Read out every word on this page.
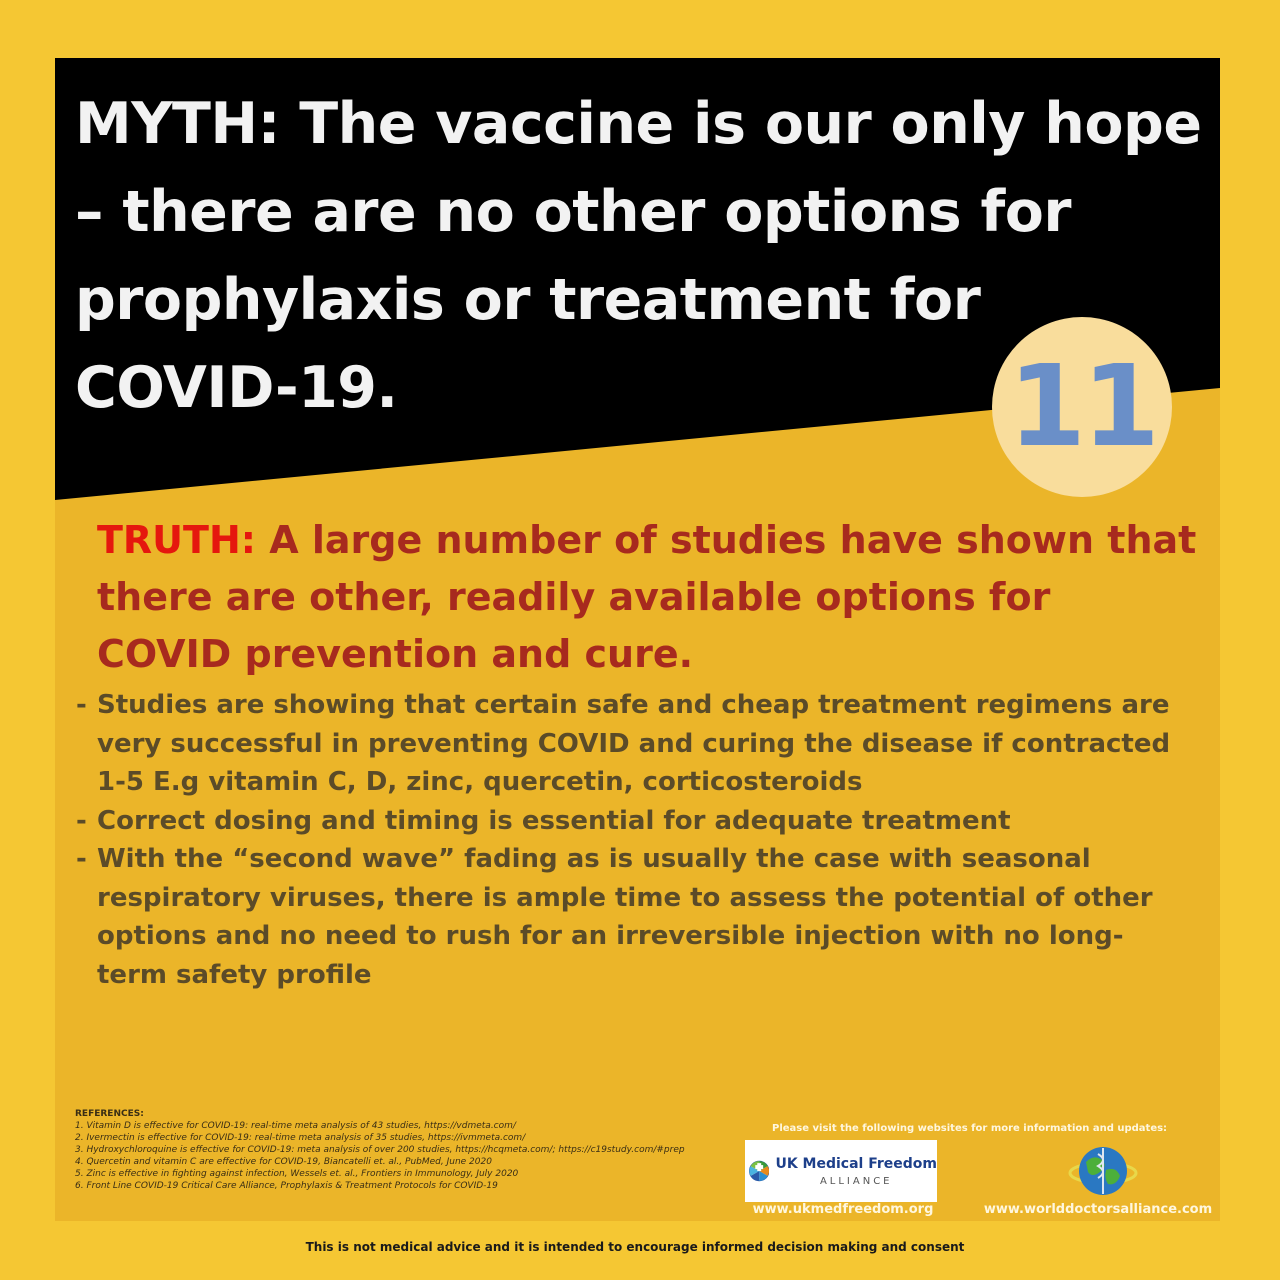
MYTH: The vaccine is our only hope – there are no other options for prophylaxis or treatment for COVID-19.	11
TRUTH: A large number of studies have shown that there are other, readily available options for COVID prevention and cure.
- Studies are showing that certain safe and cheap treatment regimens are very successful in preventing COVID and curing the disease if contracted 1-5 E.g vitamin C, D, zinc, quercetin, corticosteroids
- Correct dosing and timing is essential for adequate treatment
- With the “second wave” fading as is usually the case with seasonal respiratory viruses, there is ample time to assess the potential of other options and no need to rush for an irreversible injection with no long-term safety profile
REFERENCES:
1. Vitamin D is effective for COVID-19: real-time meta analysis of 43 studies, https://vdmeta.com/
2. Ivermectin is effective for COVID-19: real-time meta analysis of 35 studies, https://ivmmeta.com/
3. Hydroxychloroquine is effective for COVID-19: meta analysis of over 200 studies, https://hcqmeta.com/; https://c19study.com/#prep
4. Quercetin and vitamin C are effective for COVID-19, Biancatelli et. al., PubMed, June 2020
5. Zinc is effective in fighting against infection, Wessels et. al., Frontiers in Immunology, July 2020
6. Front Line COVID-19 Critical Care Alliance, Prophylaxis & Treatment Protocols for COVID-19
Please visit the following websites for more information and updates:
UK Medical Freedom
ALLIANCE
www.ukmedfreedom.org	www.worlddoctorsalliance.com
This is not medical advice and it is intended to encourage informed decision making and consent
